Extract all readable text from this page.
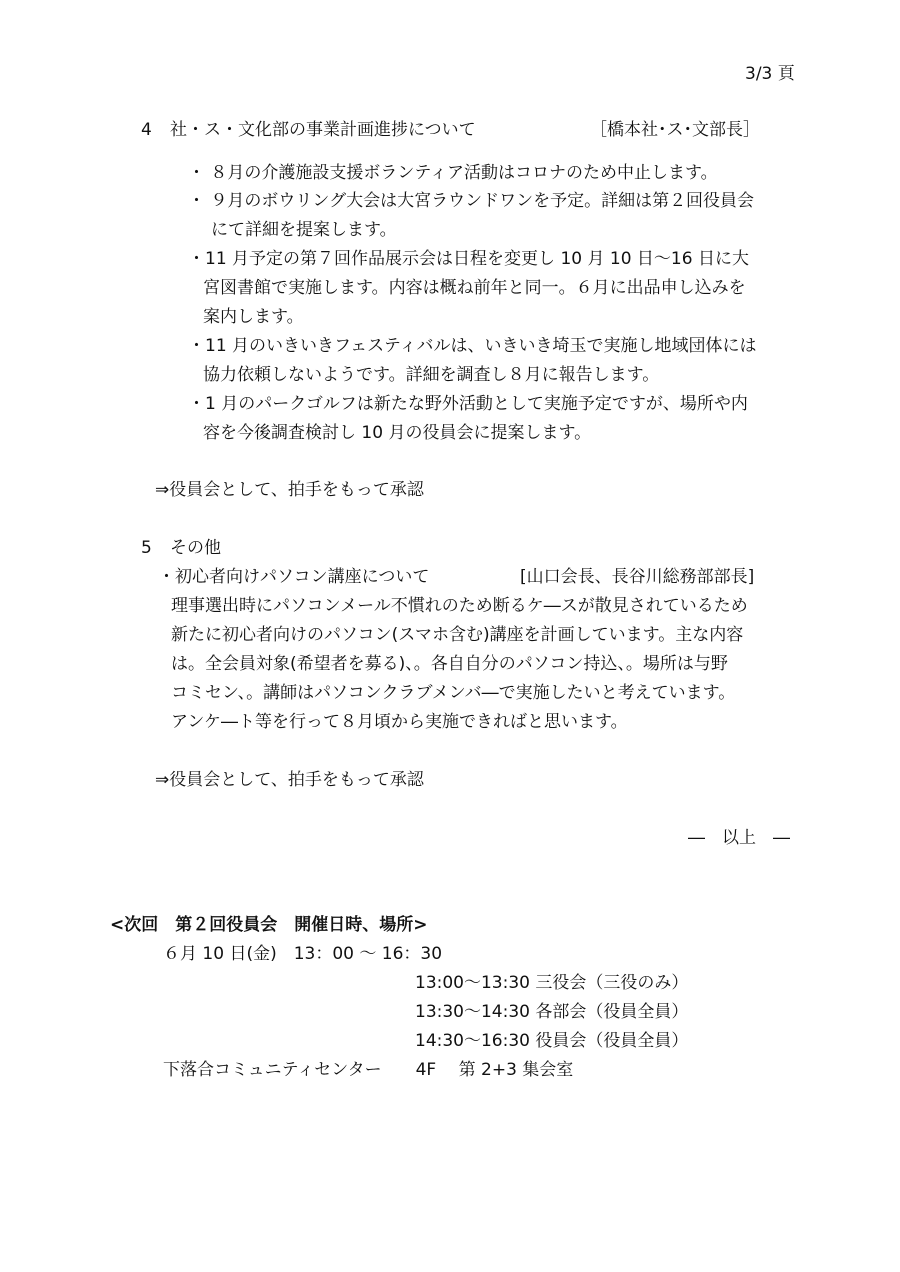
3/3 頁
4 社・ス・文化部の事業計画進捗について	［橋本社･ス･文部長］
・ ８月の介護施設支援ボランティア活動はコロナのため中止します。
・ ９月のボウリング大会は大宮ラウンドワンを予定。詳細は第２回役員会
にて詳細を提案します。
・11 月予定の第７回作品展示会は日程を変更し 10 月 10 日～16 日に大
宮図書館で実施します。内容は概ね前年と同一。６月に出品申し込みを
案内します。
・11 月のいきいきフェスティバルは、いきいき埼玉で実施し地域団体には
協力依頼しないようです。詳細を調査し８月に報告します。
・1 月のパークゴルフは新たな野外活動として実施予定ですが、場所や内
容を今後調査検討し 10 月の役員会に提案します。
⇒役員会として、拍手をもって承認
5 その他
・初心者向けパソコン講座について	[山口会長、長谷川総務部部長]
理事選出時にパソコンメール不慣れのため断るケ―スが散見されているため
新たに初心者向けのパソコン(スマホ含む)講座を計画しています。主な内容
は。全会員対象(希望者を募る)、。各自自分のパソコン持込、。場所は与野
コミセン、。講師はパソコンクラブメンバ―で実施したいと考えています。
アンケ―ト等を行って８月頃から実施できればと思います。
⇒役員会として、拍手をもって承認
―　以上　―
<次回　第２回役員会　開催日時、場所>
６月 10 日(金)　13：00 ～ 16：30
13:00～13:30 三役会（三役のみ）
13:30～14:30 各部会（役員全員）
14:30～16:30 役員会（役員全員）
下落合コミュニティセンター　　4F　 第 2+3 集会室
